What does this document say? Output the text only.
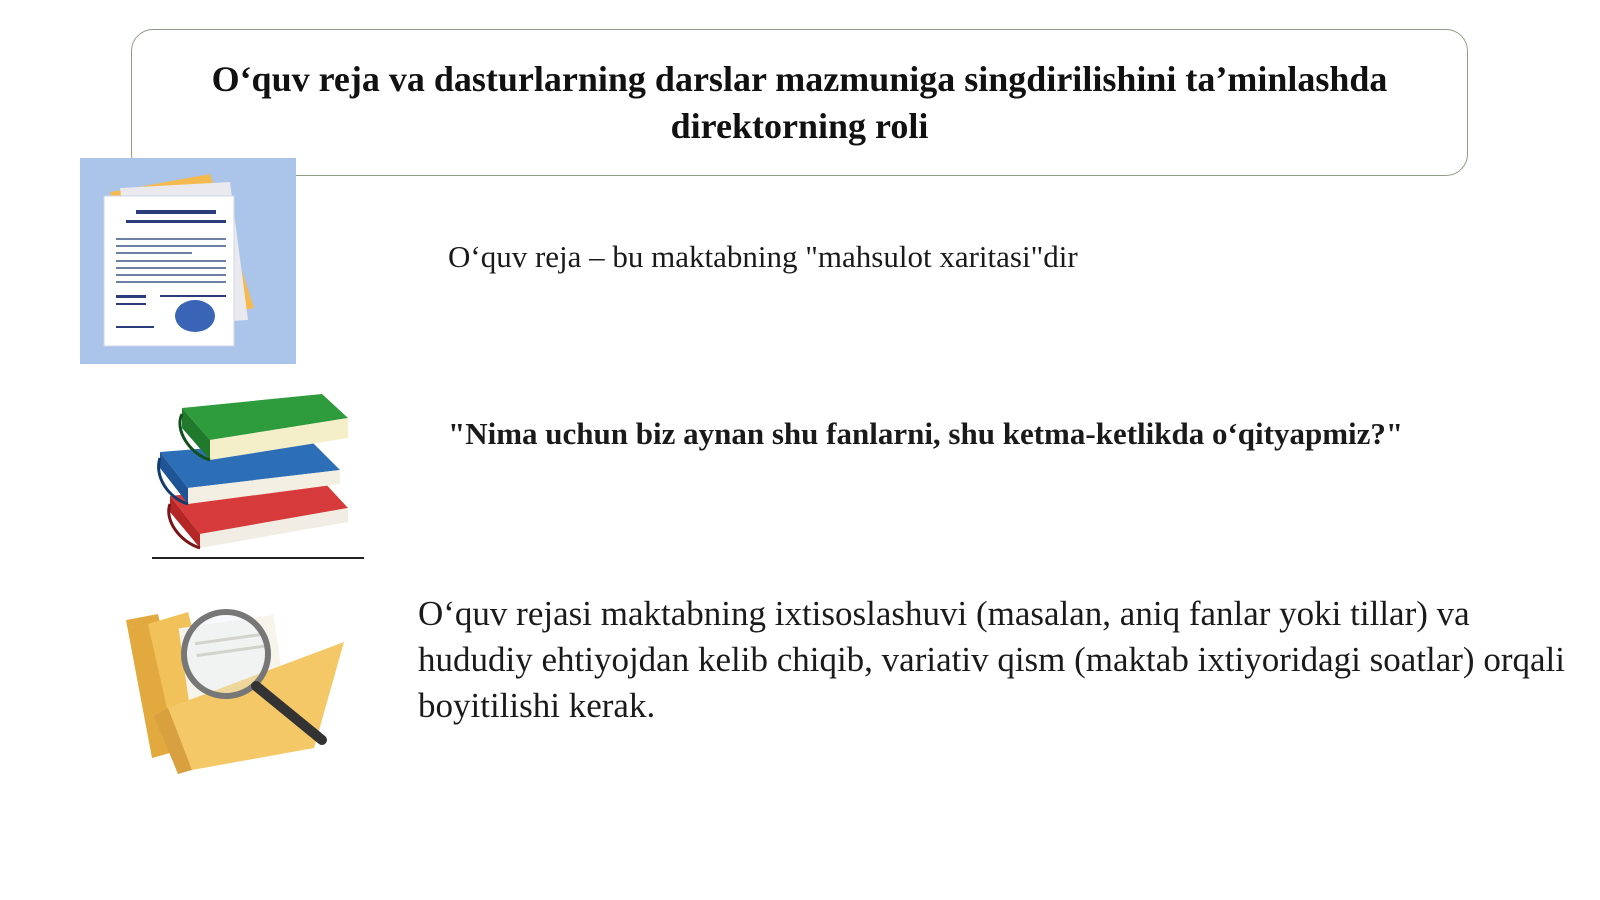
O‘quv reja va dasturlarning darslar mazmuniga singdirilishini ta’minlashda direktorning roli
O‘quv reja – bu maktabning "mahsulot xaritasi"dir
"Nima uchun biz aynan shu fanlarni, shu ketma-ketlikda o‘qityapmiz?"
O‘quv rejasi maktabning ixtisoslashuvi (masalan, aniq fanlar yoki tillar) va hududiy ehtiyojdan kelib chiqib, variativ qism (maktab ixtiyoridagi soatlar) orqali boyitilishi kerak.
